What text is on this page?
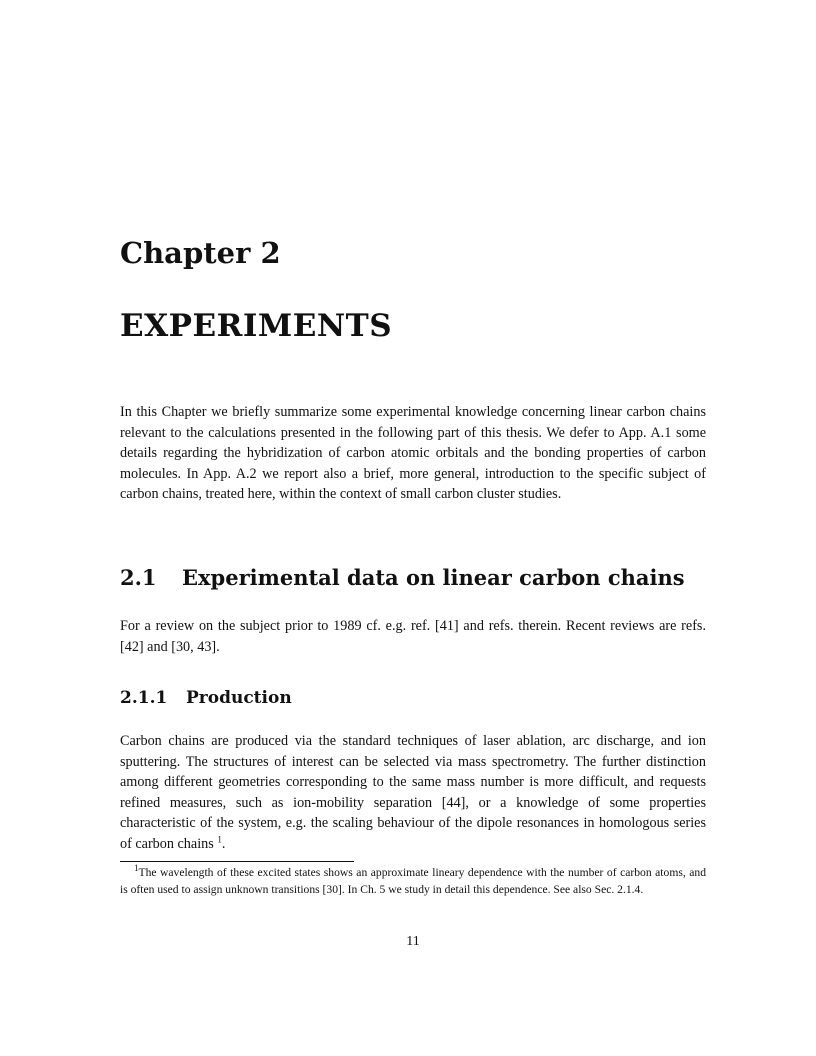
Chapter 2
EXPERIMENTS

In this Chapter we briefly summarize some experimental knowledge concerning linear carbon chains relevant to the calculations presented in the following part of this thesis. We defer to App. A.1 some details regarding the hybridization of carbon atomic orbitals and the bonding properties of carbon molecules. In App. A.2 we report also a brief, more general, introduction to the specific subject of carbon chains, treated here, within the context of small carbon cluster studies.

2.1 Experimental data on linear carbon chains

For a review on the subject prior to 1989 cf. e.g. ref. [41] and refs. therein. Recent reviews are refs. [42] and [30, 43].

2.1.1 Production

Carbon chains are produced via the standard techniques of laser ablation, arc discharge, and ion sputtering. The structures of interest can be selected via mass spectrometry. The further distinction among different geometries corresponding to the same mass number is more difficult, and requests refined measures, such as ion-mobility separation [44], or a knowledge of some properties characteristic of the system, e.g. the scaling behaviour of the dipole resonances in homologous series of carbon chains $^1$.

$^1$The wavelength of these excited states shows an approximate lineary dependence with the number of carbon atoms, and is often used to assign unknown transitions [30]. In Ch. 5 we study in detail this dependence. See also Sec. 2.1.4.

11
